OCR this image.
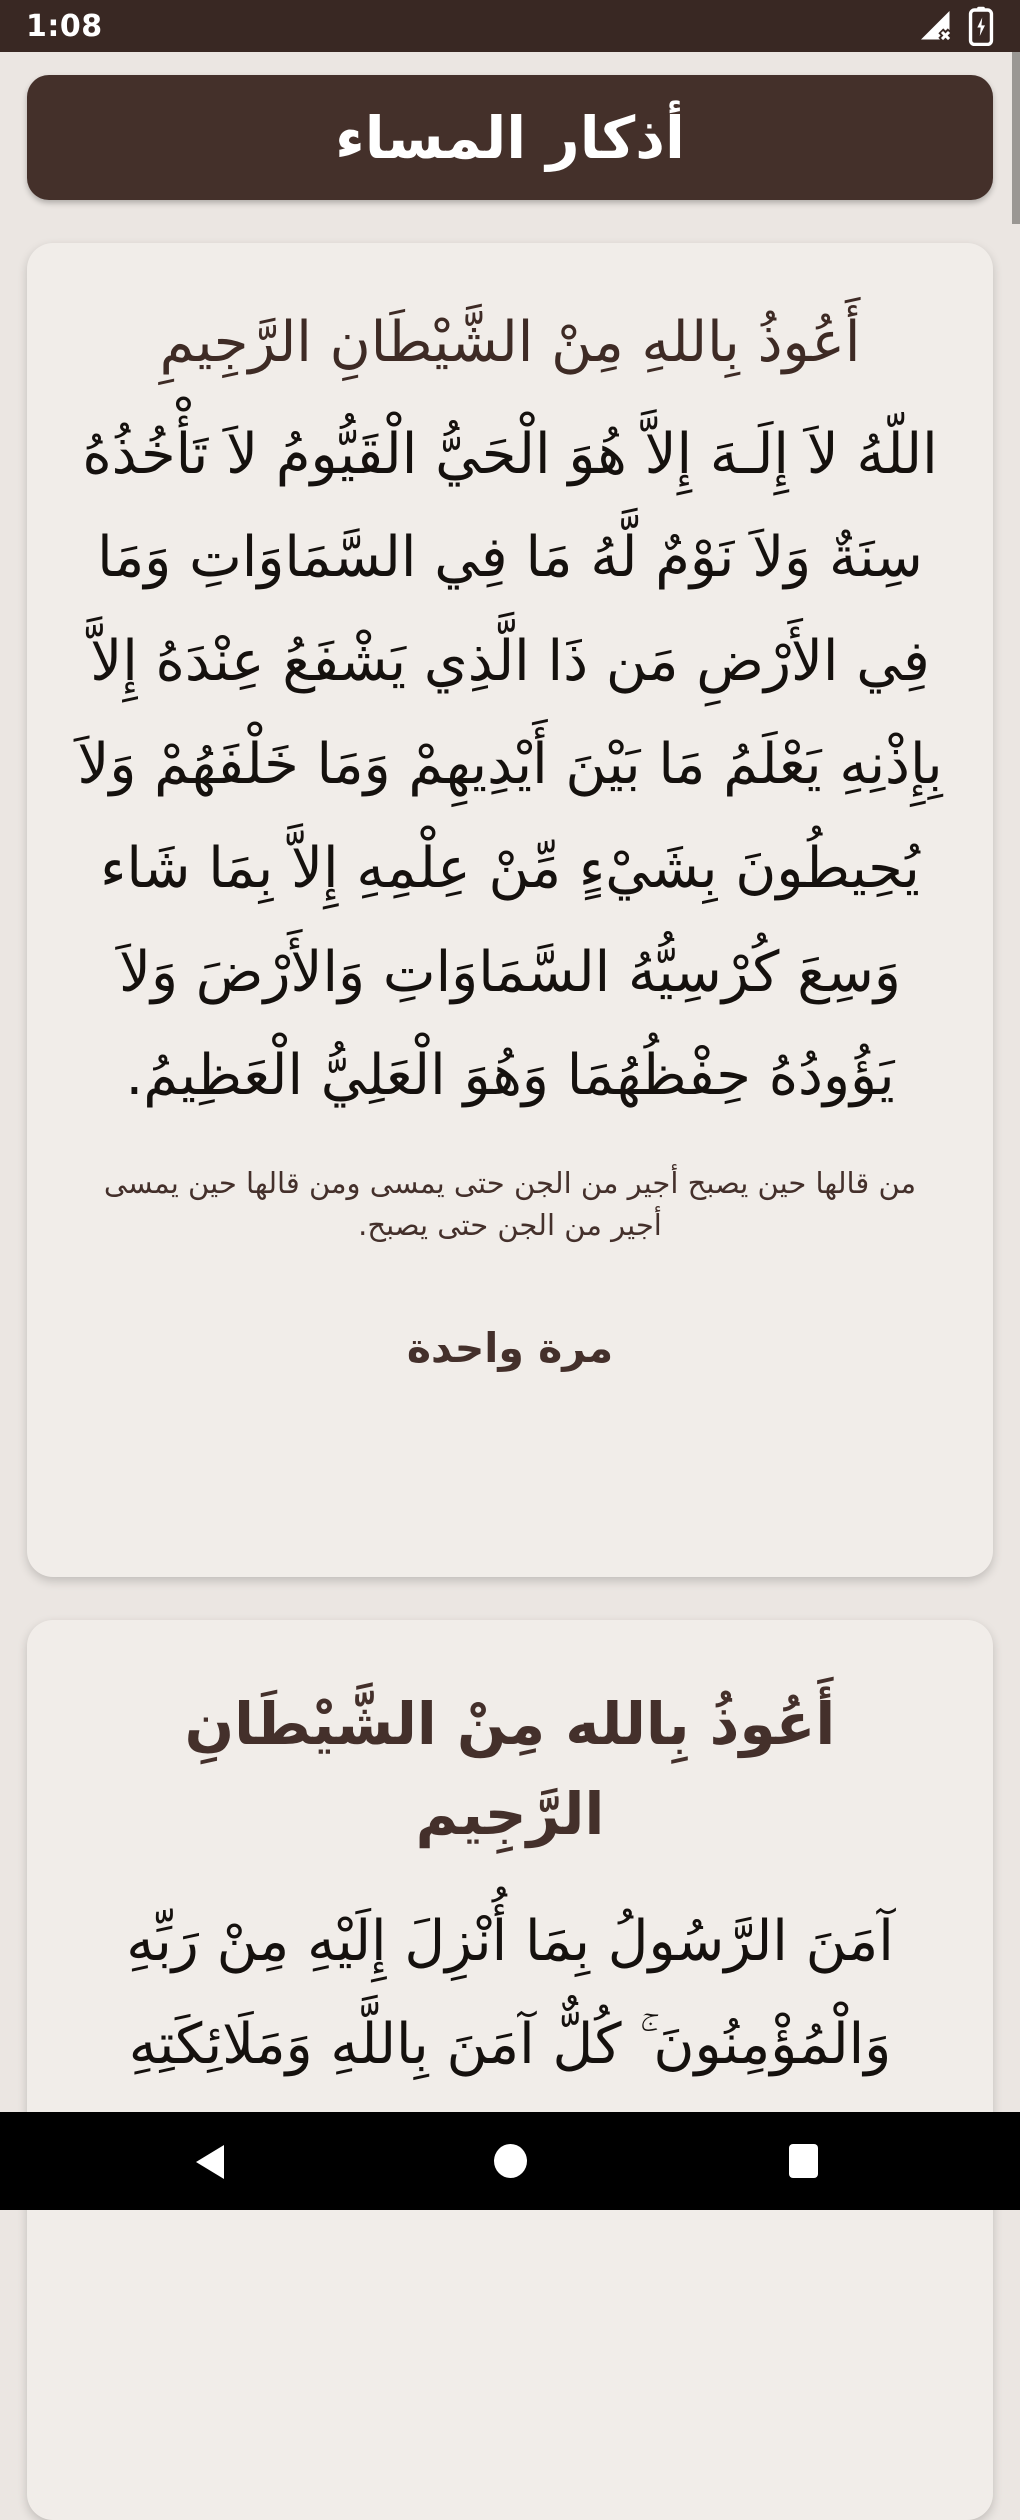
1:08
أذكار المساء
أَعُوذُ بِاللهِ مِنْ الشَّيْطَانِ الرَّجِيمِ
اللّهُ لاَ إِلَـهَ إِلاَّ هُوَ الْحَيُّ الْقَيُّومُ لاَ تَأْخُذُهُ سِنَةٌ وَلاَ نَوْمٌ لَّهُ مَا فِي السَّمَاوَاتِ وَمَا فِي الأَرْضِ مَن ذَا الَّذِي يَشْفَعُ عِنْدَهُ إِلاَّ بِإِذْنِهِ يَعْلَمُ مَا بَيْنَ أَيْدِيهِمْ وَمَا خَلْفَهُمْ وَلاَ يُحِيطُونَ بِشَيْءٍ مِّنْ عِلْمِهِ إِلاَّ بِمَا شَاء وَسِعَ كُرْسِيُّهُ السَّمَاوَاتِ وَالأَرْضَ وَلاَ يَؤُودُهُ حِفْظُهُمَا وَهُوَ الْعَلِيُّ الْعَظِيمُ.
من قالها حين يصبح أجير من الجن حتى يمسى ومن قالها حين يمسى أجير من الجن حتى يصبح.
مرة واحدة
أَعُوذُ بِالله مِنْ الشَّيْطَانِ الرَّجِيم
آمَنَ الرَّسُولُ بِمَا أُنْزِلَ إِلَيْهِ مِنْ رَبِّهِ وَالْمُؤْمِنُونَ ۚ كُلٌّ آمَنَ بِاللَّهِ وَمَلَائِكَتِهِ
